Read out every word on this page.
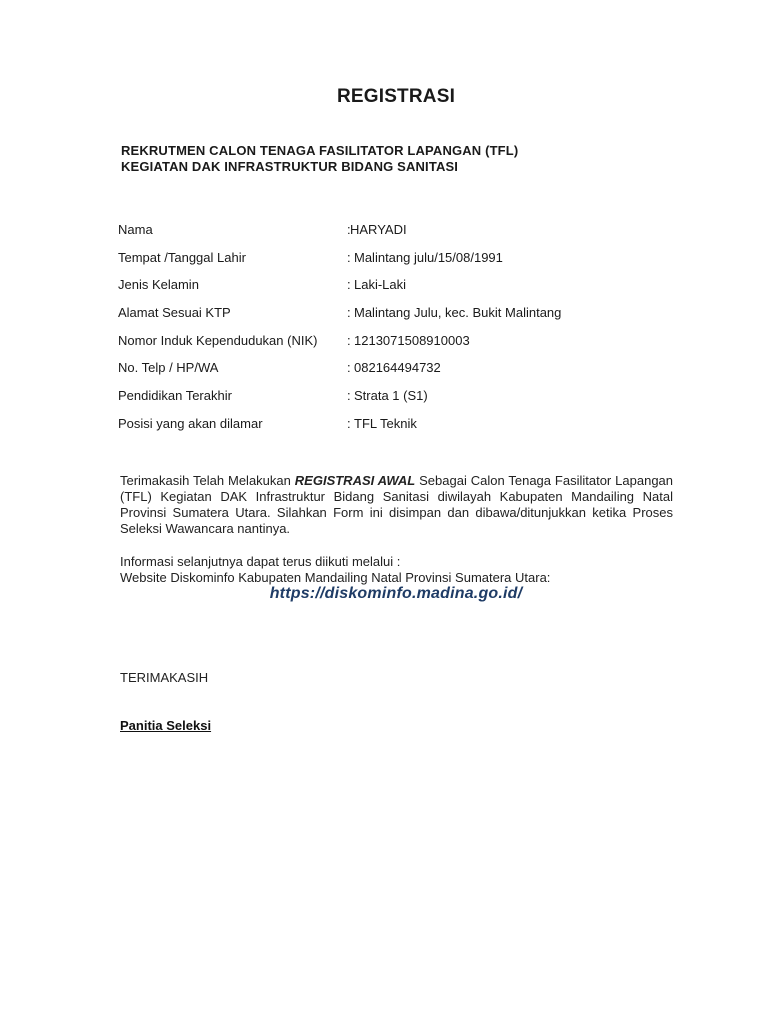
REGISTRASI
REKRUTMEN CALON TENAGA FASILITATOR LAPANGAN (TFL)
KEGIATAN DAK INFRASTRUKTUR BIDANG SANITASI
Nama	: HARYADI
Tempat /Tanggal Lahir	: Malintang julu/15/08/1991
Jenis Kelamin	: Laki-Laki
Alamat Sesuai KTP	: Malintang Julu, kec. Bukit Malintang
Nomor Induk Kependudukan (NIK)	: 1213071508910003
No. Telp / HP/WA	: 082164494732
Pendidikan Terakhir	: Strata 1 (S1)
Posisi yang akan dilamar	: TFL Teknik
Terimakasih Telah Melakukan REGISTRASI AWAL Sebagai Calon Tenaga Fasilitator Lapangan (TFL) Kegiatan DAK Infrastruktur Bidang Sanitasi diwilayah Kabupaten Mandailing Natal Provinsi Sumatera Utara. Silahkan Form ini disimpan dan dibawa/ditunjukkan ketika Proses Seleksi Wawancara nantinya.
Informasi selanjutnya dapat terus diikuti melalui :
Website Diskominfo Kabupaten Mandailing Natal Provinsi Sumatera Utara:
https://diskominfo.madina.go.id/
TERIMAKASIH
Panitia Seleksi
